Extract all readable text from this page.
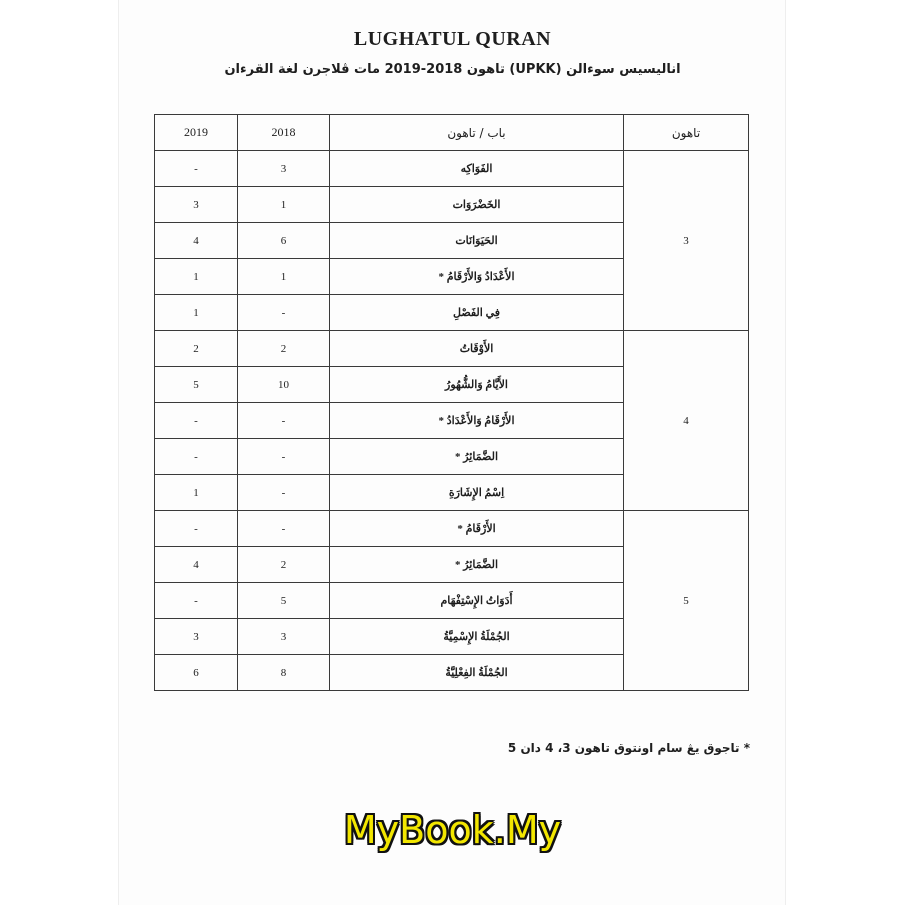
LUGHATUL QURAN
اناليسيس سوءالن (UPKK) تاهون 2018-2019 مات ڤلاجرن لغة القرءان
2019	2018	باب / تاهون	تاهون
-	3	الفَوَاكِه	3
3	1	الخَضْرَوَات	
4	6	الحَيَوَانَات	
1	1	الأَعْدَادُ وَالأَرْقَامُ *	
1	-	فِي الفَصْلِ	
2	2	الأَوْقَاتُ	4
5	10	الأَيَّامُ وَالشُّهُورُ	
-	-	الأَرْقَامُ وَالأَعْدَادُ *	
-	-	الضَّمَائِرُ *	
1	-	اِسْمُ الإِشَارَةِ	
-	-	الأَرْقَامُ *	5
4	2	الضَّمَائِرُ *	
-	5	أَدَوَاتُ الإِسْتِفْهَام	
3	3	الجُمْلَةُ الإِسْمِيَّةُ	
6	8	الجُمْلَةُ الفِعْلِيَّةُ	
* تاجوق يڠ سام اونتوق تاهون 3، 4 دان 5
MyBook.My
